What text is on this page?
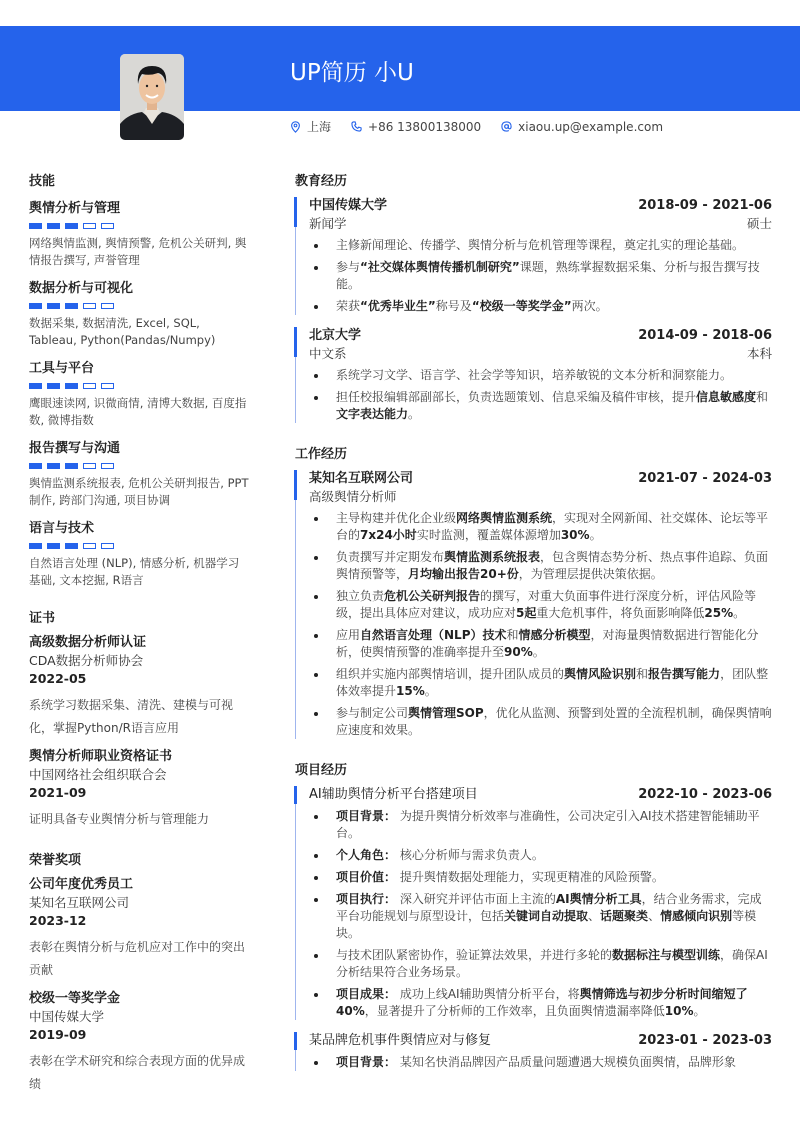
UP简历 小U
上海	+86 13800138000	xiaou.up@example.com
技能
舆情分析与管理
网络舆情监测, 舆情预警, 危机公关研判, 舆情报告撰写, 声誉管理
数据分析与可视化
数据采集, 数据清洗, Excel, SQL, Tableau, Python(Pandas/Numpy)
工具与平台
鹰眼速读网, 识微商情, 清博大数据, 百度指数, 微博指数
报告撰写与沟通
舆情监测系统报表, 危机公关研判报告, PPT制作, 跨部门沟通, 项目协调
语言与技术
自然语言处理 (NLP), 情感分析, 机器学习基础, 文本挖掘, R语言
证书
高级数据分析师认证
CDA数据分析师协会
2022-05
系统学习数据采集、清洗、建模与可视化，掌握Python/R语言应用
舆情分析师职业资格证书
中国网络社会组织联合会
2021-09
证明具备专业舆情分析与管理能力
荣誉奖项
公司年度优秀员工
某知名互联网公司
2023-12
表彰在舆情分析与危机应对工作中的突出贡献
校级一等奖学金
中国传媒大学
2019-09
表彰在学术研究和综合表现方面的优异成绩
教育经历
中国传媒大学	2018-09 - 2021-06
新闻学	硕士
主修新闻理论、传播学、舆情分析与危机管理等课程，奠定扎实的理论基础。
参与“社交媒体舆情传播机制研究”课题，熟练掌握数据采集、分析与报告撰写技能。
荣获“优秀毕业生”称号及“校级一等奖学金”两次。
北京大学	2014-09 - 2018-06
中文系	本科
系统学习文学、语言学、社会学等知识，培养敏锐的文本分析和洞察能力。
担任校报编辑部副部长，负责选题策划、信息采编及稿件审核，提升信息敏感度和文字表达能力。
工作经历
某知名互联网公司	2021-07 - 2024-03
高级舆情分析师
主导构建并优化企业级网络舆情监测系统，实现对全网新闻、社交媒体、论坛等平台的7x24小时实时监测，覆盖媒体源增加30%。
负责撰写并定期发布舆情监测系统报表，包含舆情态势分析、热点事件追踪、负面舆情预警等，月均输出报告20+份，为管理层提供决策依据。
独立负责危机公关研判报告的撰写，对重大负面事件进行深度分析，评估风险等级，提出具体应对建议，成功应对5起重大危机事件，将负面影响降低25%。
应用自然语言处理（NLP）技术和情感分析模型，对海量舆情数据进行智能化分析，使舆情预警的准确率提升至90%。
组织并实施内部舆情培训，提升团队成员的舆情风险识别和报告撰写能力，团队整体效率提升15%。
参与制定公司舆情管理SOP，优化从监测、预警到处置的全流程机制，确保舆情响应速度和效果。
项目经历
AI辅助舆情分析平台搭建项目	2022-10 - 2023-06
项目背景： 为提升舆情分析效率与准确性，公司决定引入AI技术搭建智能辅助平台。
个人角色： 核心分析师与需求负责人。
项目价值： 提升舆情数据处理能力，实现更精准的风险预警。
项目执行： 深入研究并评估市面上主流的AI舆情分析工具，结合业务需求，完成平台功能规划与原型设计，包括关键词自动提取、话题聚类、情感倾向识别等模块。
与技术团队紧密协作，验证算法效果，并进行多轮的数据标注与模型训练，确保AI分析结果符合业务场景。
项目成果： 成功上线AI辅助舆情分析平台，将舆情筛选与初步分析时间缩短了40%，显著提升了分析师的工作效率，且负面舆情遗漏率降低10%。
某品牌危机事件舆情应对与修复	2023-01 - 2023-03
项目背景： 某知名快消品牌因产品质量问题遭遇大规模负面舆情，品牌形象
